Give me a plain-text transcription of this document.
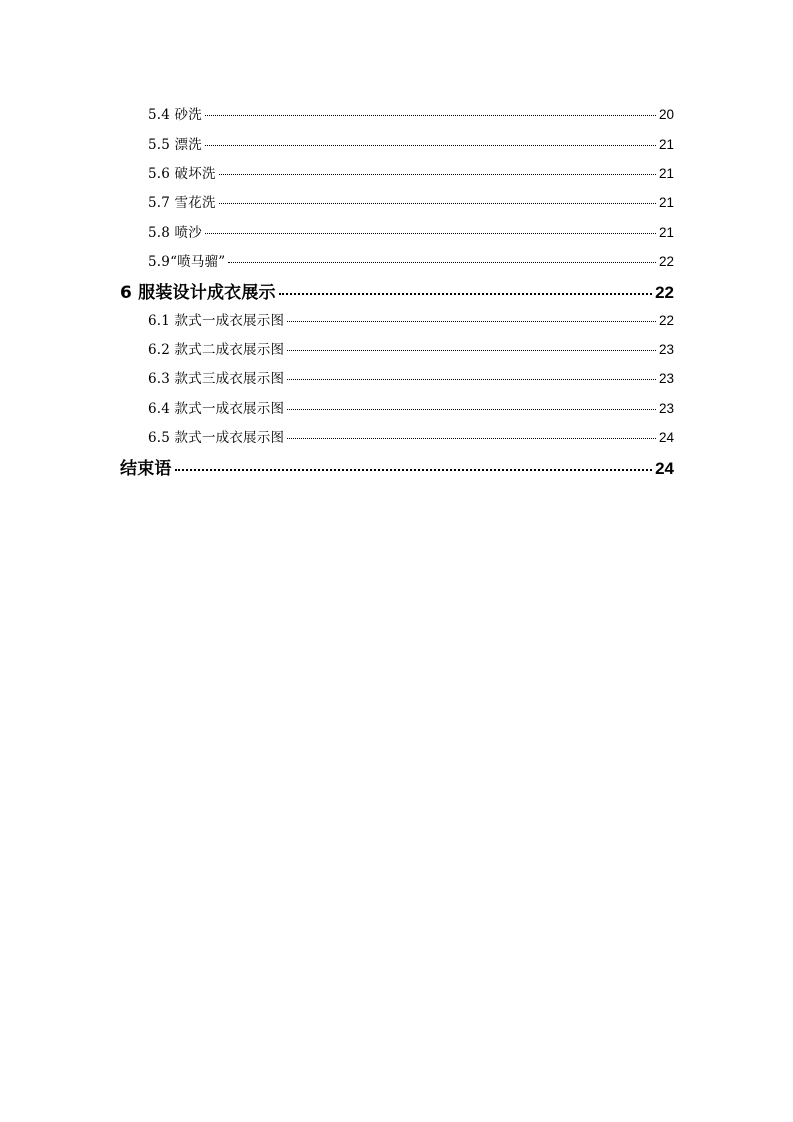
5.4 砂洗	20
5.5 漂洗	21
5.6 破坏洗	21
5.7 雪花洗	21
5.8 喷沙	21
5.9“喷马骝”	22
6 服装设计成衣展示	22
6.1 款式一成衣展示图	22
6.2 款式二成衣展示图	23
6.3 款式三成衣展示图	23
6.4 款式一成衣展示图	23
6.5 款式一成衣展示图	24
结束语	24
